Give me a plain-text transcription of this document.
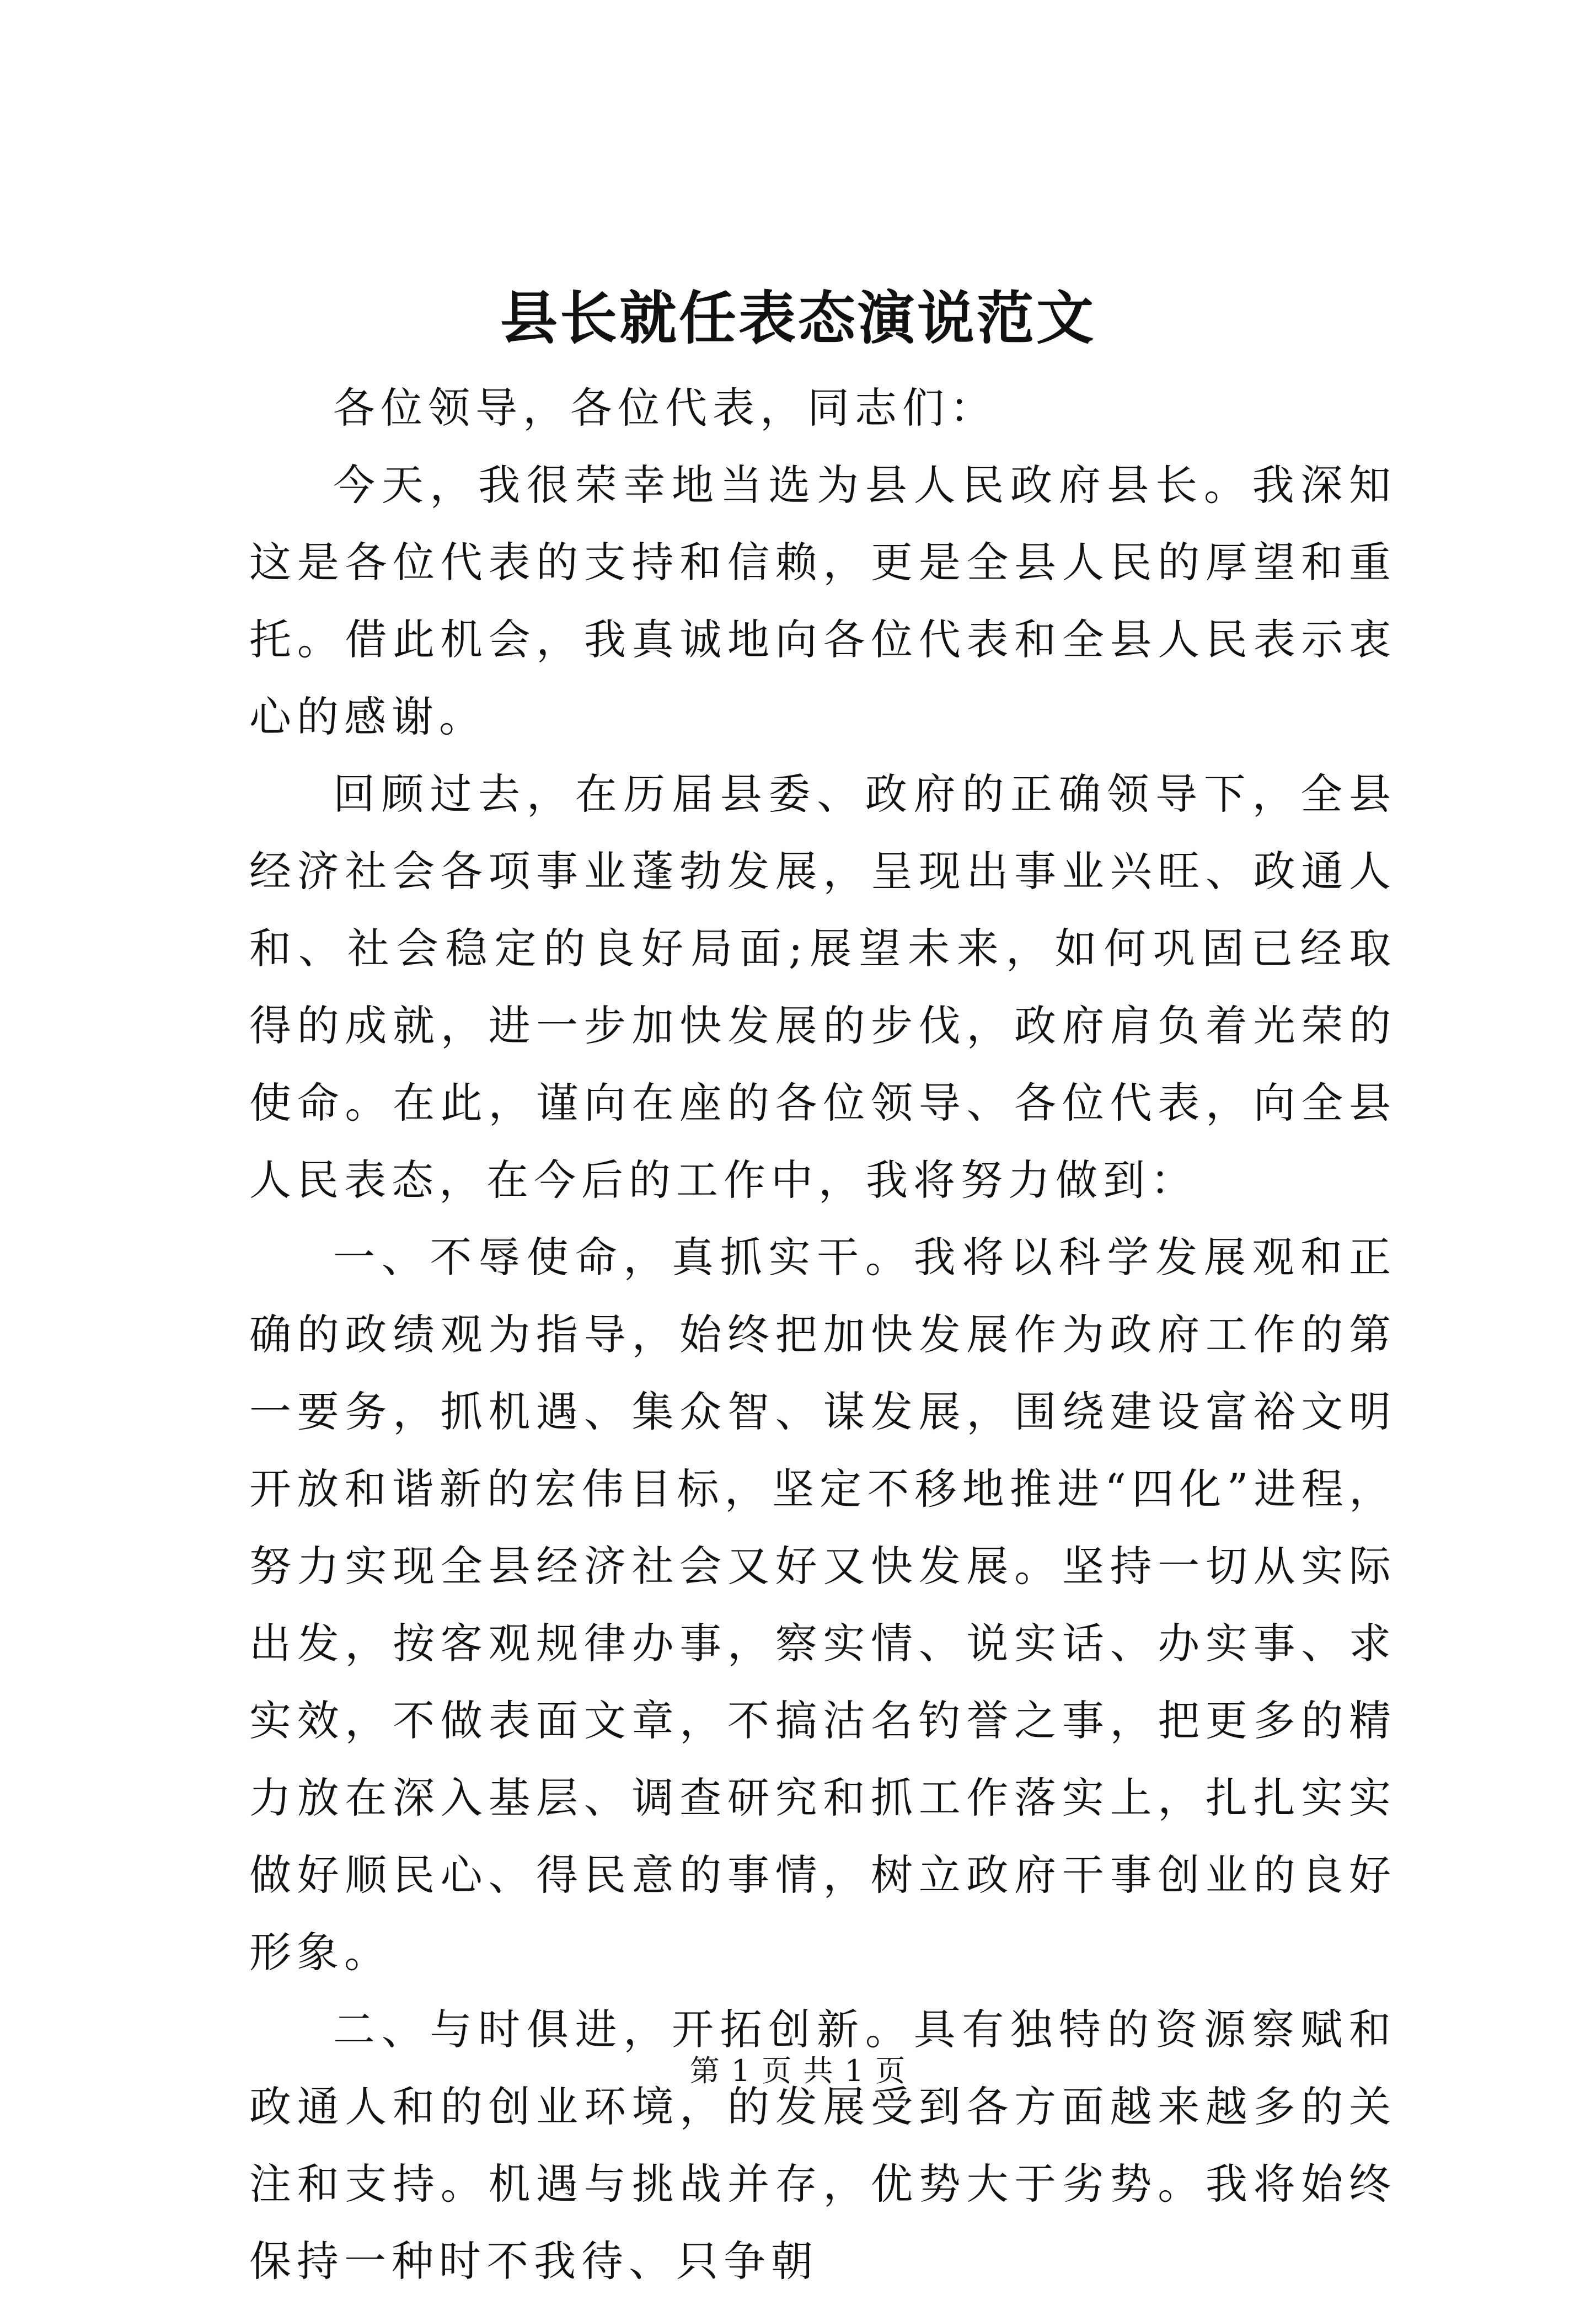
县长就任表态演说范文

各位领导，各位代表，同志们：

今天，我很荣幸地当选为县人民政府县长。我深知这是各位代表的支持和信赖，更是全县人民的厚望和重托。借此机会，我真诚地向各位代表和全县人民表示衷心的感谢。

回顾过去，在历届县委、政府的正确领导下，全县经济社会各项事业蓬勃发展，呈现出事业兴旺、政通人和、社会稳定的良好局面;展望未来，如何巩固已经取得的成就，进一步加快发展的步伐，政府肩负着光荣的使命。在此，谨向在座的各位领导、各位代表，向全县人民表态，在今后的工作中，我将努力做到：

一、不辱使命，真抓实干。我将以科学发展观和正确的政绩观为指导，始终把加快发展作为政府工作的第一要务，抓机遇、集众智、谋发展，围绕建设富裕文明开放和谐新的宏伟目标，坚定不移地推进“四化”进程，努力实现全县经济社会又好又快发展。坚持一切从实际出发，按客观规律办事，察实情、说实话、办实事、求实效，不做表面文章，不搞沽名钓誉之事，把更多的精力放在深入基层、调查研究和抓工作落实上，扎扎实实做好顺民心、得民意的事情，树立政府干事创业的良好形象。

二、与时俱进，开拓创新。具有独特的资源察赋和政通人和的创业环境，的发展受到各方面越来越多的关注和支持。机遇与挑战并存，优势大于劣势。我将始终保持一种时不我待、只争朝

第 1 页 共 1 页
